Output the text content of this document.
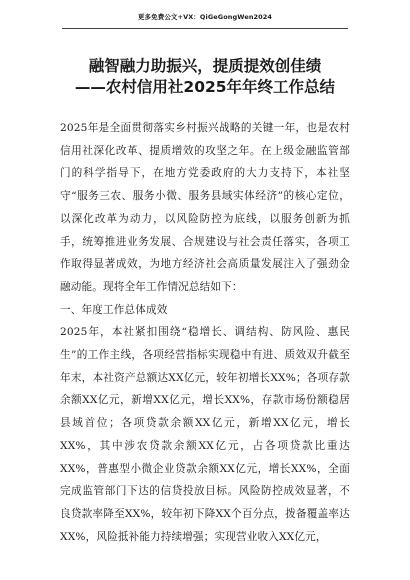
更多免费公文+VX：QiGeGongWen2024
融智融力助振兴，提质提效创佳绩
——农村信用社2025年年终工作总结

2025年是全面贯彻落实乡村振兴战略的关键一年，也是农村信用社深化改革、提质增效的攻坚之年。在上级金融监管部门的科学指导下，在地方党委政府的大力支持下，本社坚守“服务三农、服务小微、服务县域实体经济”的核心定位，以深化改革为动力，以风险防控为底线，以服务创新为抓手，统筹推进业务发展、合规建设与社会责任落实，各项工作取得显著成效，为地方经济社会高质量发展注入了强劲金融动能。现将全年工作情况总结如下：

一、年度工作总体成效

2025年，本社紧扣围绕“稳增长、调结构、防风险、惠民生”的工作主线，各项经营指标实现稳中有进、质效双升截至年末，本社资产总额达XX亿元，较年初增长XX%；各项存款余额XX亿元，新增XX亿元，增长XX%，存款市场份额稳居县域首位；各项贷款余额XX亿元，新增XX亿元，增长XX%，其中涉农贷款余额XX亿元，占各项贷款比重达XX%，普惠型小微企业贷款余额XX亿元，增长XX%，全面完成监管部门下达的信贷投放目标。风险防控成效显著，不良贷款率降至XX%，较年初下降XX个百分点，拨备覆盖率达XX%，风险抵补能力持续增强；实现营业收入XX亿元，
